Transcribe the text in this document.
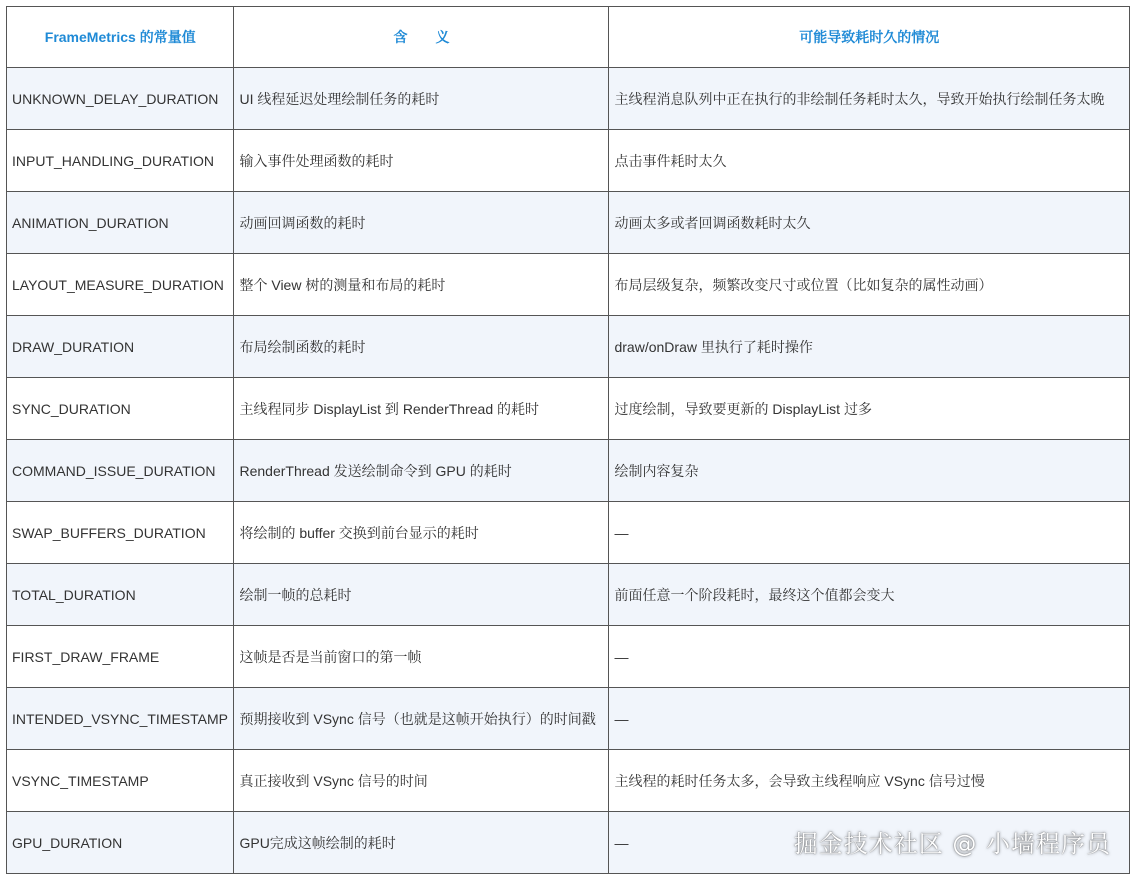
FrameMetrics 的常量值	含　　义	可能导致耗时久的情况
UNKNOWN_DELAY_DURATION	UI 线程延迟处理绘制任务的耗时	主线程消息队列中正在执行的非绘制任务耗时太久，导致开始执行绘制任务太晚
INPUT_HANDLING_DURATION	输入事件处理函数的耗时	点击事件耗时太久
ANIMATION_DURATION	动画回调函数的耗时	动画太多或者回调函数耗时太久
LAYOUT_MEASURE_DURATION	整个 View 树的测量和布局的耗时	布局层级复杂，频繁改变尺寸或位置（比如复杂的属性动画）
DRAW_DURATION	布局绘制函数的耗时	draw/onDraw 里执行了耗时操作
SYNC_DURATION	主线程同步 DisplayList 到 RenderThread 的耗时	过度绘制，导致要更新的 DisplayList 过多
COMMAND_ISSUE_DURATION	RenderThread 发送绘制命令到 GPU 的耗时	绘制内容复杂
SWAP_BUFFERS_DURATION	将绘制的 buffer 交换到前台显示的耗时	—
TOTAL_DURATION	绘制一帧的总耗时	前面任意一个阶段耗时，最终这个值都会变大
FIRST_DRAW_FRAME	这帧是否是当前窗口的第一帧	—
INTENDED_VSYNC_TIMESTAMP	预期接收到 VSync 信号（也就是这帧开始执行）的时间戳	—
VSYNC_TIMESTAMP	真正接收到 VSync 信号的时间	主线程的耗时任务太多，会导致主线程响应 VSync 信号过慢
GPU_DURATION	GPU完成这帧绘制的耗时	—	掘金技术社区 @ 小墙程序员
